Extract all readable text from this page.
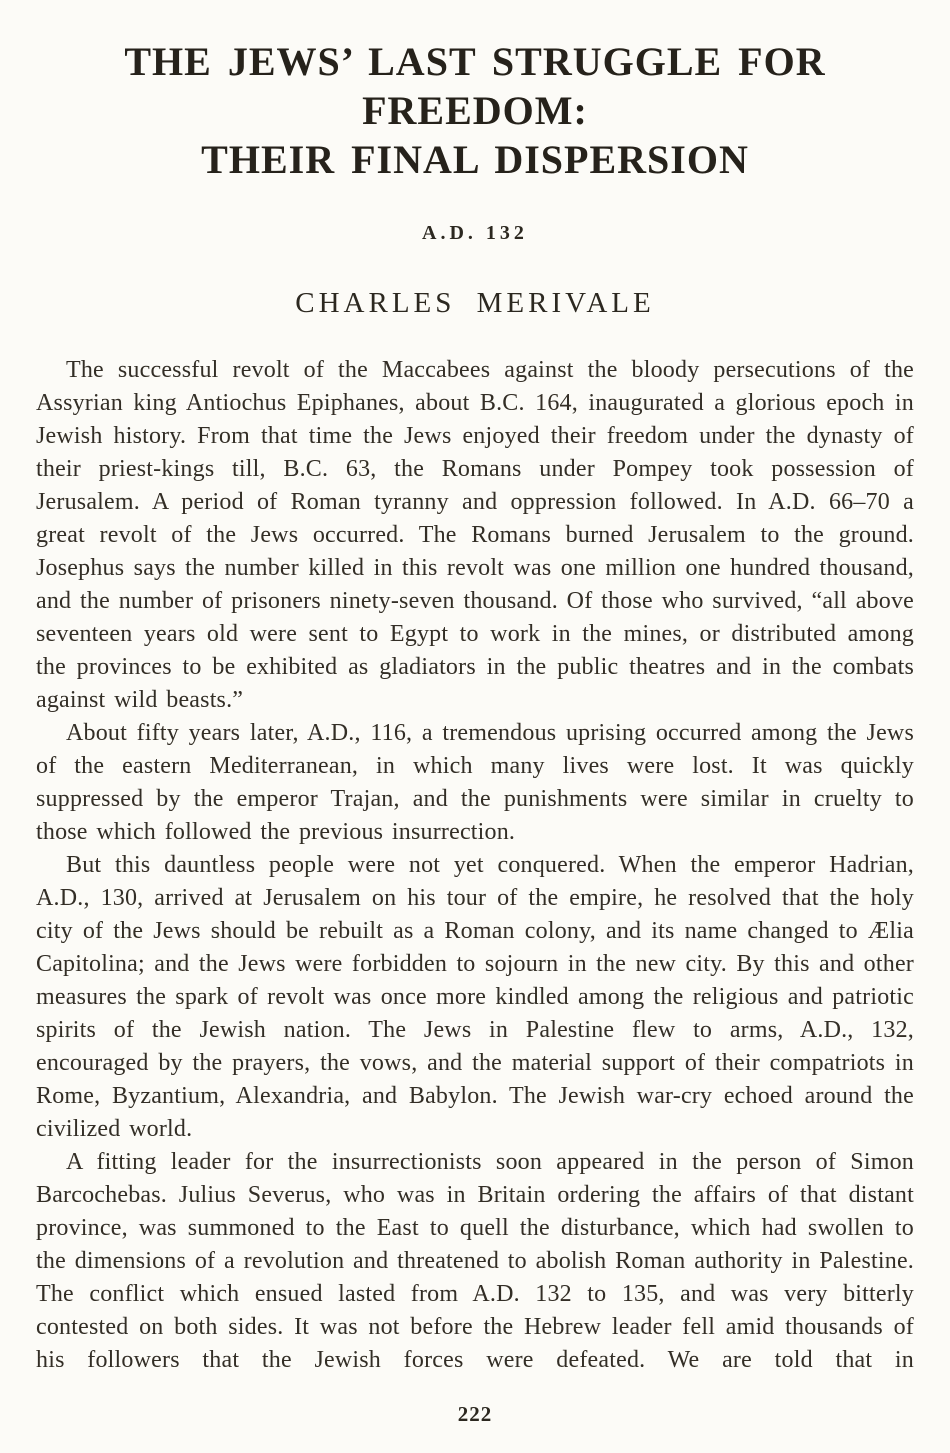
THE JEWS’ LAST STRUGGLE FOR FREEDOM:
THEIR FINAL DISPERSION
A.D. 132
CHARLES MERIVALE

The successful revolt of the Maccabees against the bloody persecutions of the Assyrian king Antiochus Epiphanes, about B.C. 164, inaugurated a glorious epoch in Jewish history. From that time the Jews enjoyed their freedom under the dynasty of their priest-kings till, B.C. 63, the Romans under Pompey took possession of Jerusalem. A period of Roman tyranny and oppression followed. In A.D. 66–70 a great revolt of the Jews occurred. The Romans burned Jerusalem to the ground. Josephus says the number killed in this revolt was one million one hundred thousand, and the number of prisoners ninety-seven thousand. Of those who survived, “all above seventeen years old were sent to Egypt to work in the mines, or distributed among the provinces to be exhibited as gladiators in the public theatres and in the combats against wild beasts.”

About fifty years later, A.D., 116, a tremendous uprising occurred among the Jews of the eastern Mediterranean, in which many lives were lost. It was quickly suppressed by the emperor Trajan, and the punishments were similar in cruelty to those which followed the previous insurrection.

But this dauntless people were not yet conquered. When the emperor Hadrian, A.D., 130, arrived at Jerusalem on his tour of the empire, he resolved that the holy city of the Jews should be rebuilt as a Roman colony, and its name changed to Ælia Capitolina; and the Jews were forbidden to sojourn in the new city. By this and other measures the spark of revolt was once more kindled among the religious and patriotic spirits of the Jewish nation. The Jews in Palestine flew to arms, A.D., 132, encouraged by the prayers, the vows, and the material support of their compatriots in Rome, Byzantium, Alexandria, and Babylon. The Jewish war-cry echoed around the civilized world.

A fitting leader for the insurrectionists soon appeared in the person of Simon Barcochebas. Julius Severus, who was in Britain ordering the affairs of that distant province, was summoned to the East to quell the disturbance, which had swollen to the dimensions of a revolution and threatened to abolish Roman authority in Palestine. The conflict which ensued lasted from A.D. 132 to 135, and was very bitterly contested on both sides. It was not before the Hebrew leader fell amid thousands of his followers that the Jewish forces were defeated. We are told that in

222
